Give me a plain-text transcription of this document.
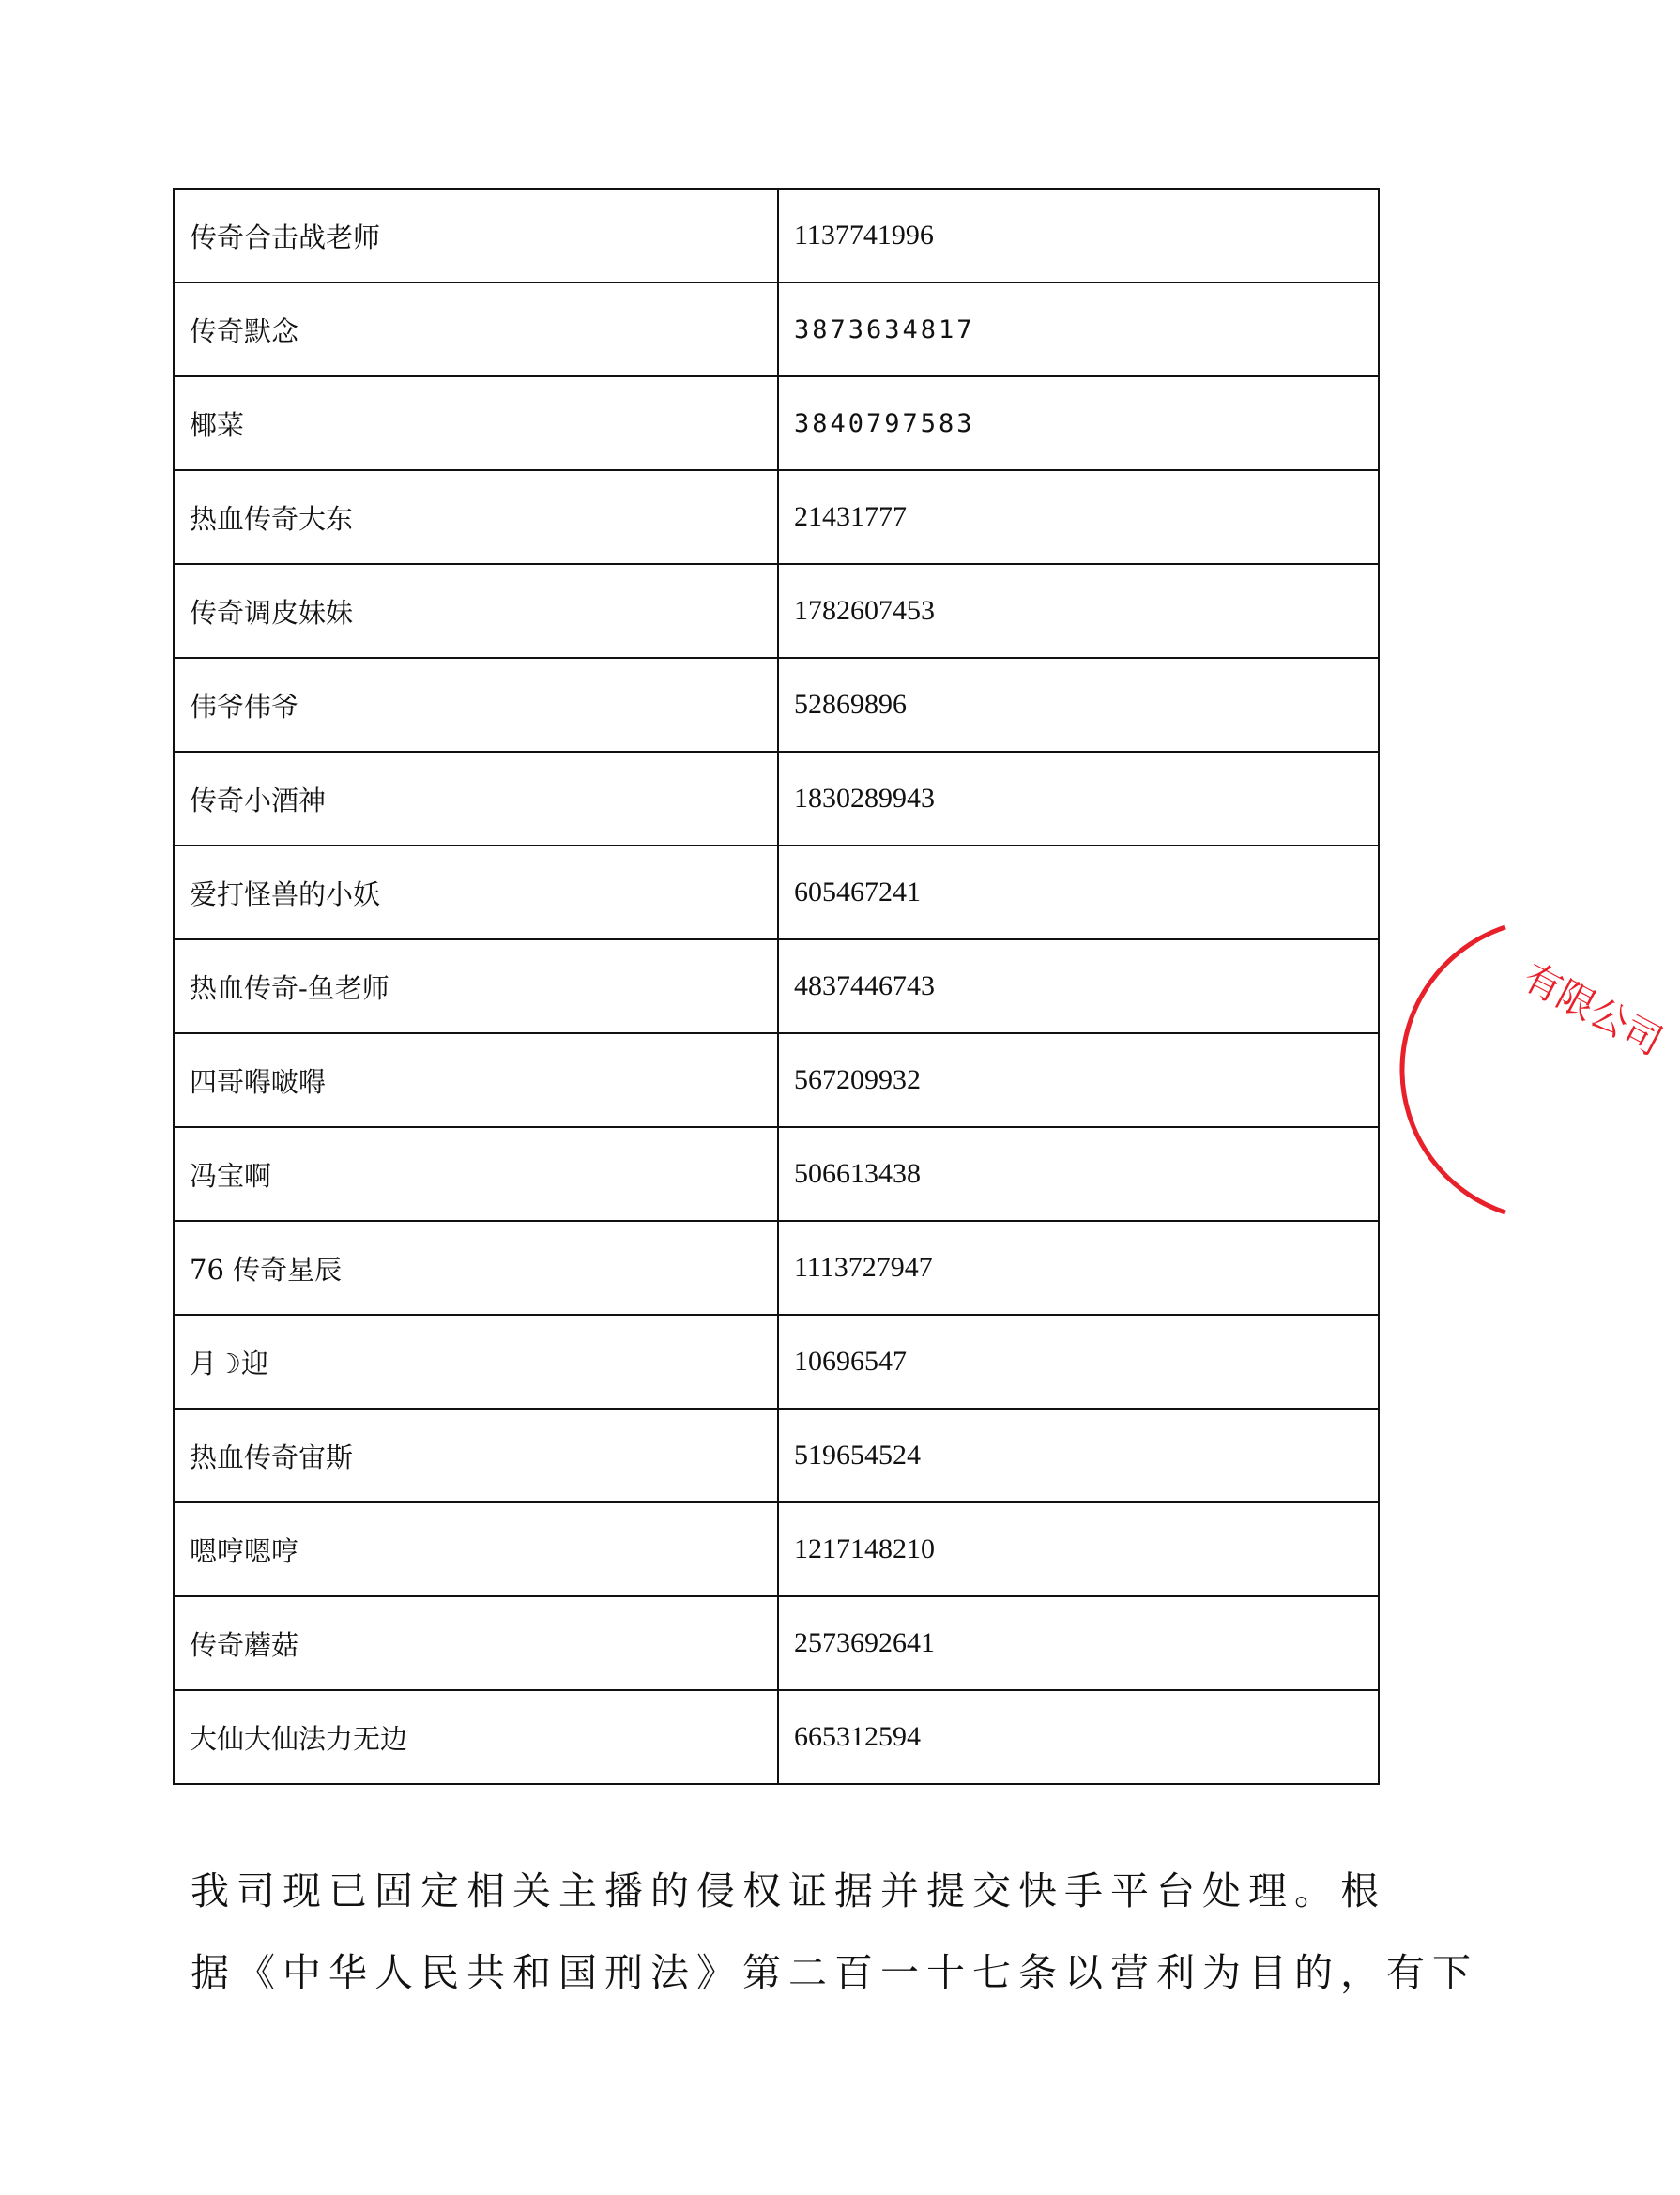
传奇合击战老师	1137741996
传奇默念	3873634817
椰菜	3840797583
热血传奇大东	21431777
传奇调皮妹妹	1782607453
伟爷伟爷	52869896
传奇小酒神	1830289943
爱打怪兽的小妖	605467241
热血传奇-鱼老师	4837446743
四哥嘚啵嘚	567209932
冯宝啊	506613438
76 传奇星辰	1113727947
月☽迎	10696547
热血传奇宙斯	519654524
嗯哼嗯哼	1217148210
传奇蘑菇	2573692641
大仙大仙法力无边	665312594
我司现已固定相关主播的侵权证据并提交快手平台处理。根
据《中华人民共和国刑法》第二百一十七条以营利为目的，有下
有限公司
